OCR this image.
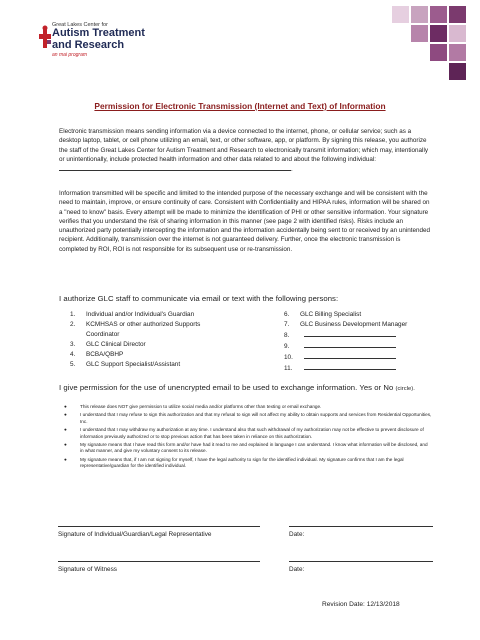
Great Lakes Center for
Autism Treatment
and Research
an mai program
Permission for Electronic Transmission (Internet and Text) of Information
Electronic transmission means sending information via a device connected to the internet, phone, or cellular service; such as a desktop laptop, tablet, or cell phone utilizing an email, text, or other software, app, or platform. By signing this release, you authorize the staff of the Great Lakes Center for Autism Treatment and Research to electronically transmit information; which may, intentionally or unintentionally, include protected health information and other data related to and about the following individual: .
Information transmitted will be specific and limited to the intended purpose of the necessary exchange and will be consistent with the need to maintain, improve, or ensure continuity of care. Consistent with Confidentiality and HIPAA rules, information will be shared on a "need to know" basis. Every attempt will be made to minimize the identification of PHI or other sensitive information. Your signature verifies that you understand the risk of sharing information in this manner (see page 2 with identified risks). Risks include an unauthorized party potentially intercepting the information and the information accidentally being sent to or received by an unintended recipient. Additionally, transmission over the internet is not guaranteed delivery. Further, once the electronic transmission is completed by ROI, ROI is not responsible for its subsequent use or re-transmission.
I authorize GLC staff to communicate via email or text with the following persons:
1. Individual and/or Individual's Guardian
2. KCMHSAS or other authorized Supports
Coordinator
3. GLC Clinical Director
4. BCBA/QBHP
5. GLC Support Specialist/Assistant
6. GLC Billing Specialist
7. GLC Business Development Manager
8.
9.
10.
11.
I give permission for the use of unencrypted email to be used to exchange information. Yes or No (circle).
●	This release does NOT give permission to utilize social media and/or platforms other than texting or email exchange.
●	I understand that I may refuse to sign this authorization and that my refusal to sign will not affect my ability to obtain supports and services from Residential Opportunities, Inc.
●	I understand that I may withdraw my authorization at any time. I understand also that such withdrawal of my authorization may not be effective to prevent disclosure of information previously authorized or to stop previous action that has been taken in reliance on this authorization.
●	My signature means that I have read this form and/or have had it read to me and explained in language I can understand. I know what information will be disclosed, and in what manner, and give my voluntary consent to its release.
●	My signature means that, if I am not signing for myself, I have the legal authority to sign for the identified individual. My signature confirms that I am the legal representative/guardian for the identified individual.
Signature of Individual/Guardian/Legal Representative	Date:
Signature of Witness	Date:
Revision Date: 12/13/2018
